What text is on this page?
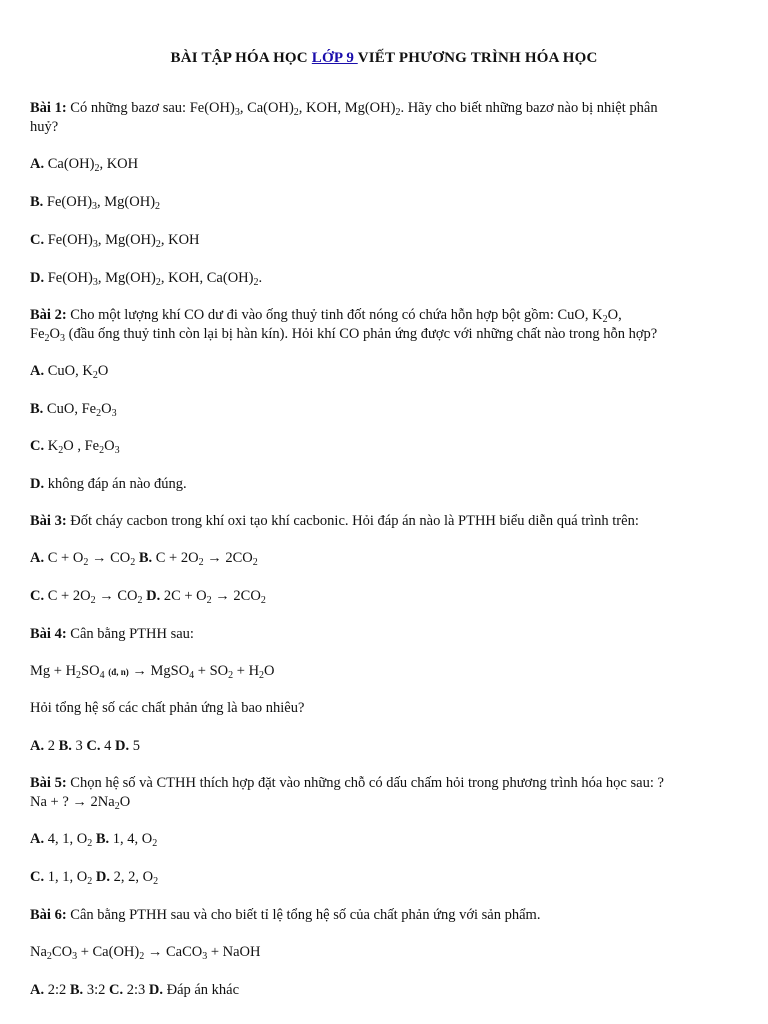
BÀI TẬP HÓA HỌC LỚP 9 VIẾT PHƯƠNG TRÌNH HÓA HỌC
Bài 1: Có những bazơ sau: $Fe(OH)_3$, $Ca(OH)_2$, KOH, $Mg(OH)_2$. Hãy cho biết những bazơ nào bị nhiệt phân
huỷ?
A. $Ca(OH)_2$, KOH
B. $Fe(OH)_3$, $Mg(OH)_2$
C. $Fe(OH)_3$, $Mg(OH)_2$, KOH
D. $Fe(OH)_3$, $Mg(OH)_2$, KOH, $Ca(OH)_2$.
Bài 2: Cho một lượng khí CO dư đi vào ống thuỷ tinh đốt nóng có chứa hỗn hợp bột gồm: CuO, $K_2O$,
$Fe_2O_3$ (đầu ống thuỷ tinh còn lại bị hàn kín). Hỏi khí CO phản ứng được với những chất nào trong hỗn hợp?
A. CuO, $K_2O$
B. CuO, $Fe_2O_3$
C. $K_2O$ , $Fe_2O_3$
D. không đáp án nào đúng.
Bài 3: Đốt cháy cacbon trong khí oxi tạo khí cacbonic. Hỏi đáp án nào là PTHH biểu diễn quá trình trên:
A. $C + O_2 \to CO_2$ B. $C + 2O_2 \to 2CO_2$
C. $C + 2O_2 \to CO_2$ D. $2C + O_2 \to 2CO_2$
Bài 4: Cân bằng PTHH sau:
$Mg + H_2SO_4$ (đ, n) → MgSO$_4$ + $SO_2 + H_2O$
Hỏi tổng hệ số các chất phản ứng là bao nhiêu?
A. 2 B. 3 C. 4 D. 5
Bài 5: Chọn hệ số và CTHH thích hợp đặt vào những chỗ có dấu chấm hỏi trong phương trình hóa học sau: ?
Na + ? → $2Na_2O$
A. 4, 1, $O_2$ B. 1, 4, $O_2$
C. 1, 1, $O_2$ D. 2, 2, $O_2$
Bài 6: Cân bằng PTHH sau và cho biết tỉ lệ tổng hệ số của chất phản ứng với sản phẩm.
$Na_2CO_3 + Ca(OH)_2$ → CaCO$_3$ + NaOH
A. 2:2 B. 3:2 C. 2:3 D. Đáp án khác
